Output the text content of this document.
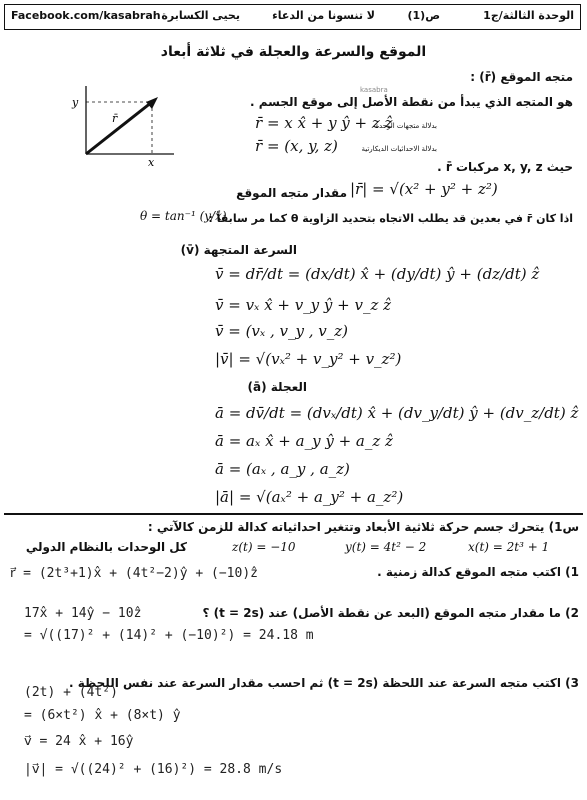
الوحدة الثالثة/ج1
ص(1)
لا تنسونا من الدعاء
يحيى الكسابرة
Facebook.com/kasabrah
الموقع والسرعة والعجلة في ثلاثة أبعاد
متجه الموقع (r̄) :
kasabra
هو المتجه الذي يبدأ من نقطة الأصل إلى موقع الجسم .
r̄ = x x̂ + y ŷ + z ẑ
بدلالة متجهات الوحدة
r̄ = (x, y, z)	بدلالة الاحداثيات الديكارتية
y
x
r̄
حيث x, y, z مركبات r̄ .
مقدار متجه الموقع |r̄| = √(x² + y² + z²)
اذا كان r̄ في بعدين قد يطلب الاتجاه بتحديد الزاوية θ كما مر سابقاً :
θ = tan⁻¹ (y/x)
السرعة المتجهة (v̄)
v̄ = dr̄/dt = (dx/dt) x̂ + (dy/dt) ŷ + (dz/dt) ẑ
v̄ = vₓ x̂ + v_y ŷ + v_z ẑ
v̄ = (vₓ , v_y , v_z)
|v̄| = √(vₓ² + v_y² + v_z²)
العجلة (ā)
ā = dv̄/dt = (dvₓ/dt) x̂ + (dv_y/dt) ŷ + (dv_z/dt) ẑ
ā = aₓ x̂ + a_y ŷ + a_z ẑ
ā = (aₓ , a_y , a_z)
|ā| = √(aₓ² + a_y² + a_z²)
س1) يتحرك جسم حركة ثلاثية الأبعاد وتتغير احداثياته كدالة للزمن كالآتي :
x(t) = 2t³ + 1
y(t) = 4t² − 2
z(t) = −10
كل الوحدات بالنظام الدولي
1) اكتب متجه الموقع كدالة زمنية .
r⃗ = (2t³+1)x̂ + (4t²−2)ŷ + (−10)ẑ
2) ما مقدار متجه الموقع (البعد عن نقطة الأصل) عند (t = 2s) ؟
17x̂ + 14ŷ − 10ẑ
= √((17)² + (14)² + (−10)²) = 24.18 m
3) اكتب متجه السرعة عند اللحظة (t = 2s) ثم احسب مقدار السرعة عند نفس اللحظة .
(2t) + (4t²)
= (6×t²) x̂ + (8×t) ŷ
v⃗ = 24 x̂ + 16ŷ
|v⃗| = √((24)² + (16)²) = 28.8 m/s
